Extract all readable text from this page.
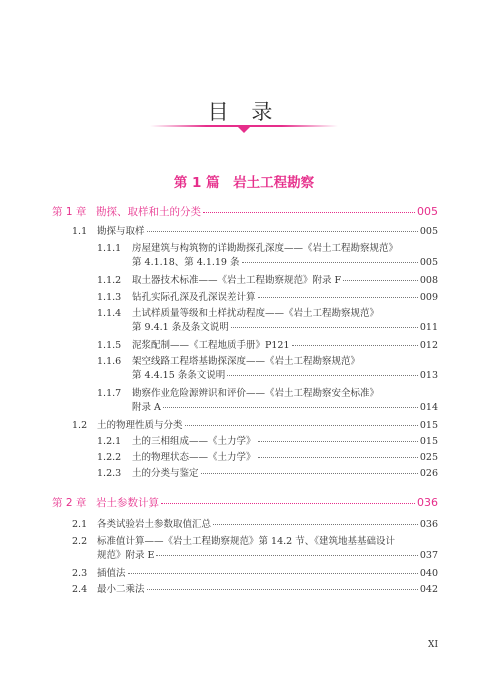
目 录
第 1 篇　岩土工程勘察
第 1 章 勘探、取样和土的分类	005
1.1	勘探与取样	005
1.1.1	房屋建筑与构筑物的详勘勘探孔深度——《岩土工程勘察规范》
第 4.1.18、第 4.1.19 条	005
1.1.2	取土器技术标准——《岩土工程勘察规范》附录 F	008
1.1.3	钻孔实际孔深及孔深误差计算	009
1.1.4	土试样质量等级和土样扰动程度——《岩土工程勘察规范》
第 9.4.1 条及条文说明	011
1.1.5	泥浆配制——《工程地质手册》P121	012
1.1.6	架空线路工程塔基勘探深度——《岩土工程勘察规范》
第 4.4.15 条条文说明	013
1.1.7	勘察作业危险源辨识和评价——《岩土工程勘察安全标准》
附录 A	014
1.2	土的物理性质与分类	015
1.2.1	土的三相组成——《土力学》	015
1.2.2	土的物理状态——《土力学》	025
1.2.3	土的分类与鉴定	026
第 2 章 岩土参数计算	036
2.1	各类试验岩土参数取值汇总	036
2.2	标准值计算——《岩土工程勘察规范》第 14.2 节、《建筑地基基础设计
规范》附录 E	037
2.3	插值法	040
2.4	最小二乘法	042
XI
